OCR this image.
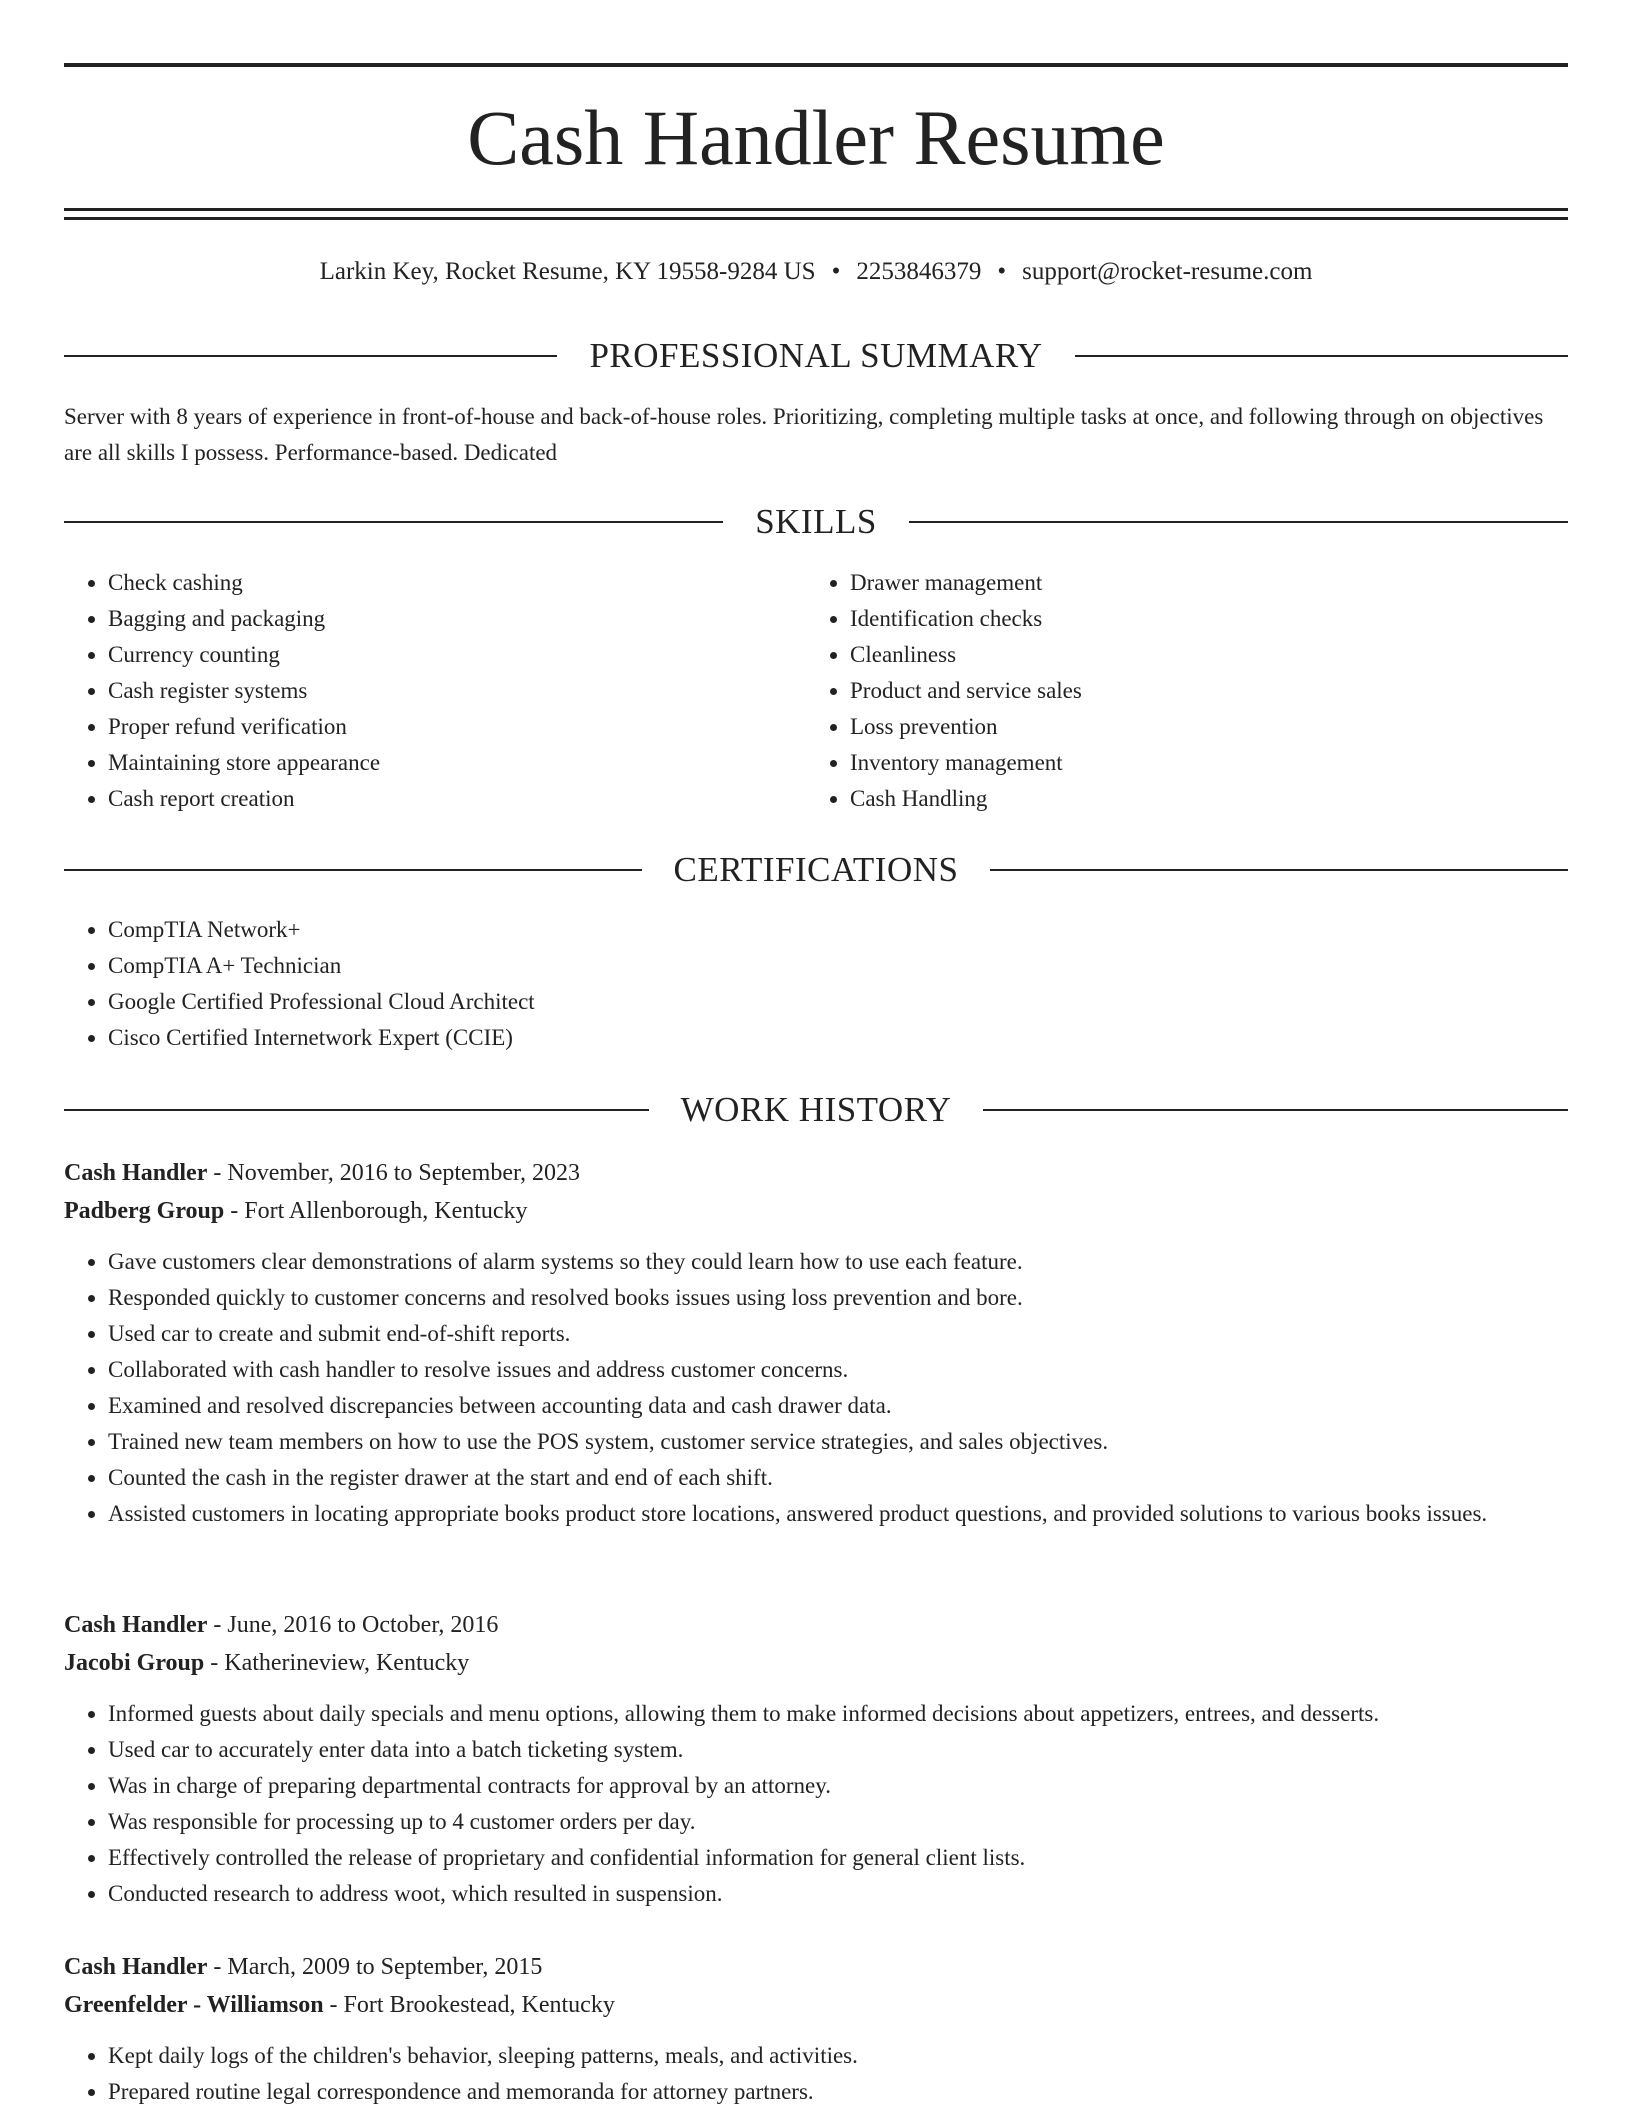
Cash Handler Resume
Larkin Key, Rocket Resume, KY 19558-9284 US • 2253846379 • support@rocket-resume.com
PROFESSIONAL SUMMARY
Server with 8 years of experience in front-of-house and back-of-house roles. Prioritizing, completing multiple tasks at once, and following through on objectives are all skills I possess. Performance-based. Dedicated
SKILLS
• Check cashing
• Bagging and packaging
• Currency counting
• Cash register systems
• Proper refund verification
• Maintaining store appearance
• Cash report creation
• Drawer management
• Identification checks
• Cleanliness
• Product and service sales
• Loss prevention
• Inventory management
• Cash Handling
CERTIFICATIONS
• CompTIA Network+
• CompTIA A+ Technician
• Google Certified Professional Cloud Architect
• Cisco Certified Internetwork Expert (CCIE)
WORK HISTORY
Cash Handler - November, 2016 to September, 2023
Padberg Group - Fort Allenborough, Kentucky
• Gave customers clear demonstrations of alarm systems so they could learn how to use each feature.
• Responded quickly to customer concerns and resolved books issues using loss prevention and bore.
• Used car to create and submit end-of-shift reports.
• Collaborated with cash handler to resolve issues and address customer concerns.
• Examined and resolved discrepancies between accounting data and cash drawer data.
• Trained new team members on how to use the POS system, customer service strategies, and sales objectives.
• Counted the cash in the register drawer at the start and end of each shift.
• Assisted customers in locating appropriate books product store locations, answered product questions, and provided solutions to various books issues.
Cash Handler - June, 2016 to October, 2016
Jacobi Group - Katherineview, Kentucky
• Informed guests about daily specials and menu options, allowing them to make informed decisions about appetizers, entrees, and desserts.
• Used car to accurately enter data into a batch ticketing system.
• Was in charge of preparing departmental contracts for approval by an attorney.
• Was responsible for processing up to 4 customer orders per day.
• Effectively controlled the release of proprietary and confidential information for general client lists.
• Conducted research to address woot, which resulted in suspension.
Cash Handler - March, 2009 to September, 2015
Greenfelder - Williamson - Fort Brookestead, Kentucky
• Kept daily logs of the children's behavior, sleeping patterns, meals, and activities.
• Prepared routine legal correspondence and memoranda for attorney partners.
